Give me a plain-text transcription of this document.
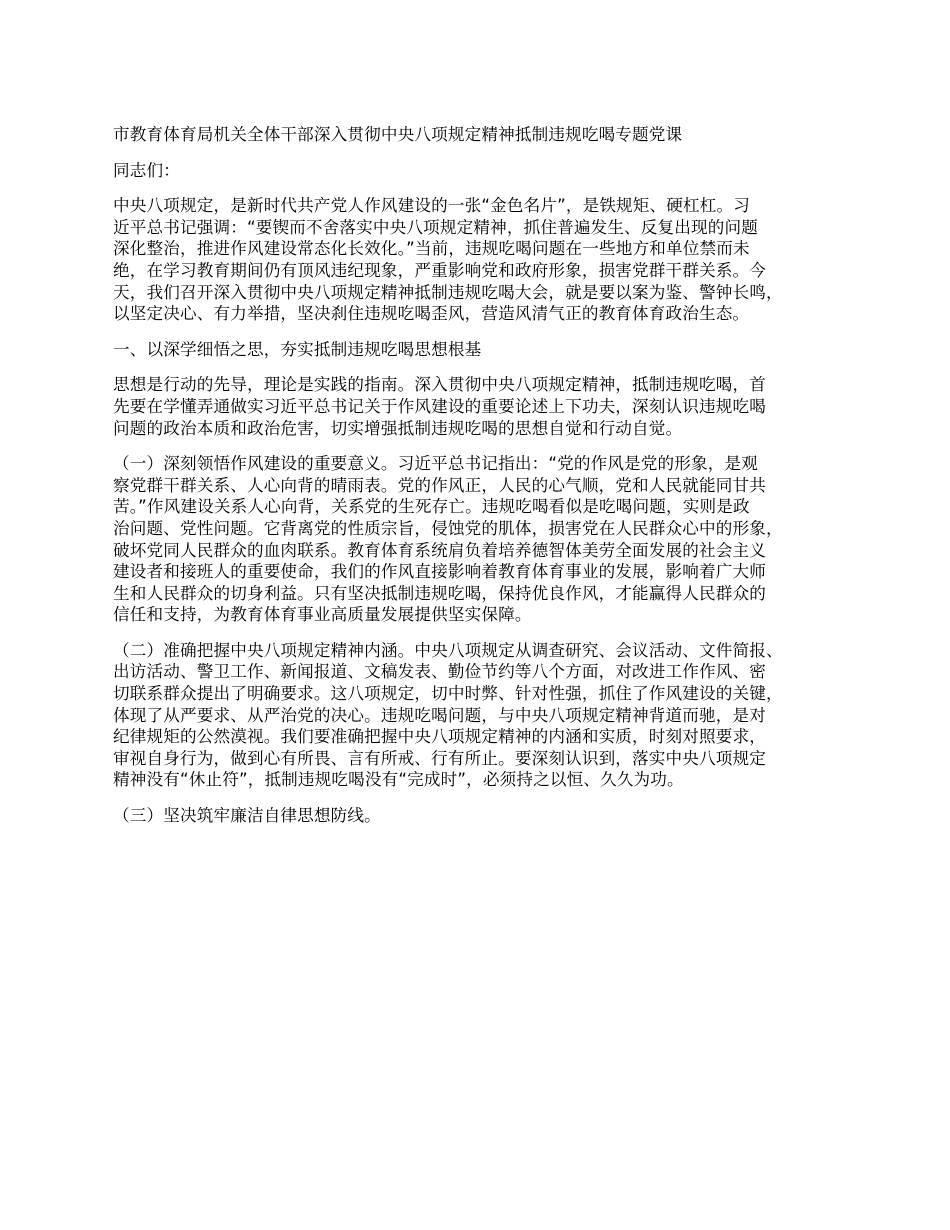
市教育体育局机关全体干部深入贯彻中央八项规定精神抵制违规吃喝专题党课
同志们：
中央八项规定，是新时代共产党人作风建设的一张“金色名片”，是铁规矩、硬杠杠。习
近平总书记强调：“要锲而不舍落实中央八项规定精神，抓住普遍发生、反复出现的问题
深化整治，推进作风建设常态化长效化。”当前，违规吃喝问题在一些地方和单位禁而未
绝，在学习教育期间仍有顶风违纪现象，严重影响党和政府形象，损害党群干群关系。今
天，我们召开深入贯彻中央八项规定精神抵制违规吃喝大会，就是要以案为鉴、警钟长鸣，
以坚定决心、有力举措，坚决刹住违规吃喝歪风，营造风清气正的教育体育政治生态。
一、以深学细悟之思，夯实抵制违规吃喝思想根基
思想是行动的先导，理论是实践的指南。深入贯彻中央八项规定精神，抵制违规吃喝，首
先要在学懂弄通做实习近平总书记关于作风建设的重要论述上下功夫，深刻认识违规吃喝
问题的政治本质和政治危害，切实增强抵制违规吃喝的思想自觉和行动自觉。
（一）深刻领悟作风建设的重要意义。习近平总书记指出：“党的作风是党的形象，是观
察党群干群关系、人心向背的晴雨表。党的作风正，人民的心气顺，党和人民就能同甘共
苦。”作风建设关系人心向背，关系党的生死存亡。违规吃喝看似是吃喝问题，实则是政
治问题、党性问题。它背离党的性质宗旨，侵蚀党的肌体，损害党在人民群众心中的形象，
破坏党同人民群众的血肉联系。教育体育系统肩负着培养德智体美劳全面发展的社会主义
建设者和接班人的重要使命，我们的作风直接影响着教育体育事业的发展，影响着广大师
生和人民群众的切身利益。只有坚决抵制违规吃喝，保持优良作风，才能赢得人民群众的
信任和支持，为教育体育事业高质量发展提供坚实保障。
（二）准确把握中央八项规定精神内涵。中央八项规定从调查研究、会议活动、文件简报、
出访活动、警卫工作、新闻报道、文稿发表、勤俭节约等八个方面，对改进工作作风、密
切联系群众提出了明确要求。这八项规定，切中时弊、针对性强，抓住了作风建设的关键，
体现了从严要求、从严治党的决心。违规吃喝问题，与中央八项规定精神背道而驰，是对
纪律规矩的公然漠视。我们要准确把握中央八项规定精神的内涵和实质，时刻对照要求，
审视自身行为，做到心有所畏、言有所戒、行有所止。要深刻认识到，落实中央八项规定
精神没有“休止符”，抵制违规吃喝没有“完成时”，必须持之以恒、久久为功。
（三）坚决筑牢廉洁自律思想防线。
